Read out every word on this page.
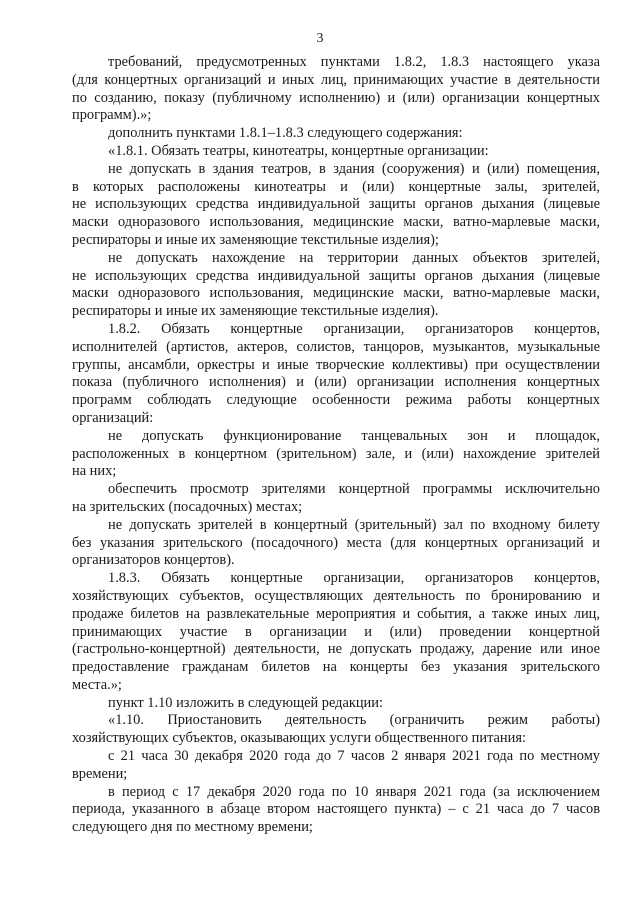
3

требований, предусмотренных пунктами 1.8.2, 1.8.3 настоящего указа

(для концертных организаций и иных лиц, принимающих участие в деятельности

по созданию, показу (публичному исполнению) и (или) организации концертных

программ).»;

дополнить пунктами 1.8.1–1.8.3 следующего содержания:

«1.8.1. Обязать театры, кинотеатры, концертные организации:

не допускать в здания театров, в здания (сооружения) и (или) помещения,

в которых расположены кинотеатры и (или) концертные залы, зрителей,

не использующих средства индивидуальной защиты органов дыхания (лицевые

маски одноразового использования, медицинские маски, ватно-марлевые маски,

респираторы и иные их заменяющие текстильные изделия);

не допускать нахождение на территории данных объектов зрителей,

не использующих средства индивидуальной защиты органов дыхания (лицевые

маски одноразового использования, медицинские маски, ватно-марлевые маски,

респираторы и иные их заменяющие текстильные изделия).

1.8.2. Обязать концертные организации, организаторов концертов,

исполнителей (артистов, актеров, солистов, танцоров, музыкантов, музыкальные

группы, ансамбли, оркестры и иные творческие коллективы) при осуществлении

показа (публичного исполнения) и (или) организации исполнения концертных

программ соблюдать следующие особенности режима работы концертных

организаций:

не допускать функционирование танцевальных зон и площадок,

расположенных в концертном (зрительном) зале, и (или) нахождение зрителей

на них;

обеспечить просмотр зрителями концертной программы исключительно

на зрительских (посадочных) местах;

не допускать зрителей в концертный (зрительный) зал по входному билету

без указания зрительского (посадочного) места (для концертных организаций и

организаторов концертов).

1.8.3. Обязать концертные организации, организаторов концертов,

хозяйствующих субъектов, осуществляющих деятельность по бронированию и

продаже билетов на развлекательные мероприятия и события, а также иных лиц,

принимающих участие в организации и (или) проведении концертной

(гастрольно-концертной) деятельности, не допускать продажу, дарение или иное

предоставление гражданам билетов на концерты без указания зрительского

места.»;

пункт 1.10 изложить в следующей редакции:

«1.10. Приостановить деятельность (ограничить режим работы)

хозяйствующих субъектов, оказывающих услуги общественного питания:

с 21 часа 30 декабря 2020 года до 7 часов 2 января 2021 года по местному

времени;

в период с 17 декабря 2020 года по 10 января 2021 года (за исключением

периода, указанного в абзаце втором настоящего пункта) – с 21 часа до 7 часов

следующего дня по местному времени;
